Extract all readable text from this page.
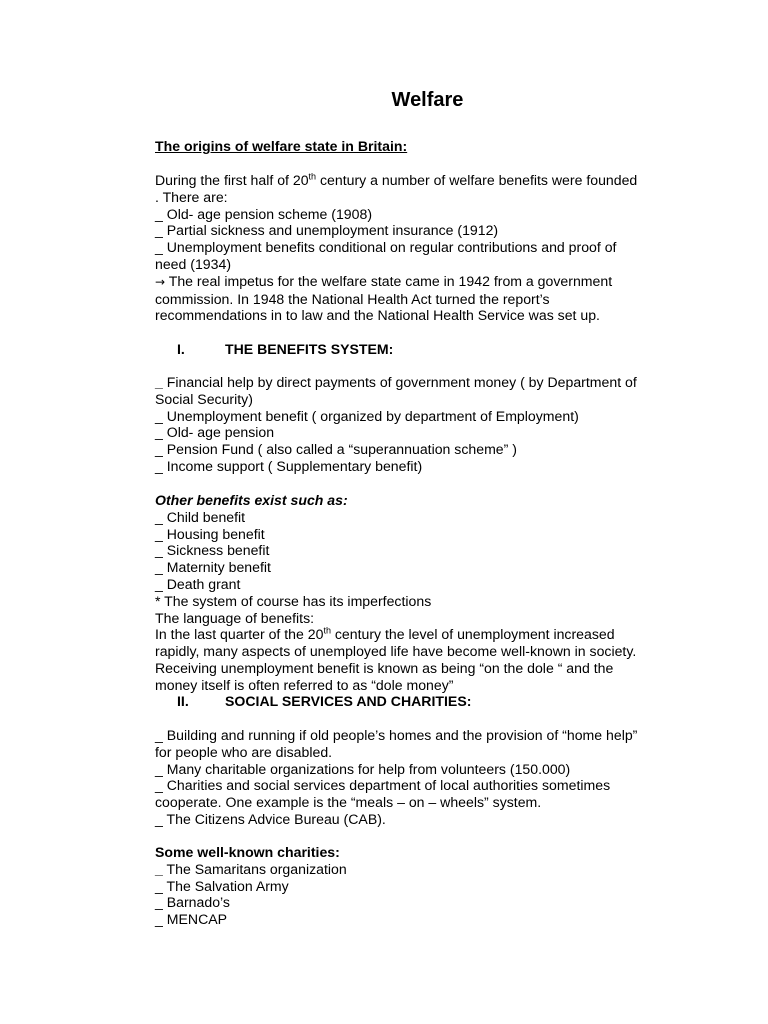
Welfare
The origins of welfare state in Britain:
During the first half of 20th century a number of welfare benefits were founded
. There are:
_ Old- age pension scheme (1908)
_ Partial sickness and unemployment insurance (1912)
_ Unemployment benefits conditional on regular contributions and proof of
need (1934)
→ The real impetus for the welfare state came in 1942 from a government
commission. In 1948 the National Health Act turned the report’s
recommendations in to law and the National Health Service was set up.
I.	THE BENEFITS SYSTEM:
_ Financial help by direct payments of government money ( by Department of
Social Security)
_ Unemployment benefit ( organized by department of Employment)
_ Old- age pension
_ Pension Fund ( also called a “superannuation scheme” )
_ Income support ( Supplementary benefit)
Other benefits exist such as:
_ Child benefit
_ Housing benefit
_ Sickness benefit
_ Maternity benefit
_ Death grant
* The system of course has its imperfections
The language of benefits:
In the last quarter of the 20th century the level of unemployment increased
rapidly, many aspects of unemployed life have become well-known in society.
Receiving unemployment benefit is known as being “on the dole “ and the
money itself is often referred to as “dole money”
II.	SOCIAL SERVICES AND CHARITIES:
_ Building and running if old people’s homes and the provision of “home help”
for people who are disabled.
_ Many charitable organizations for help from volunteers (150.000)
_ Charities and social services department of local authorities sometimes
cooperate. One example is the “meals – on – wheels” system.
_ The Citizens Advice Bureau (CAB).
Some well-known charities:
_ The Samaritans organization
_ The Salvation Army
_ Barnado’s
_ MENCAP
